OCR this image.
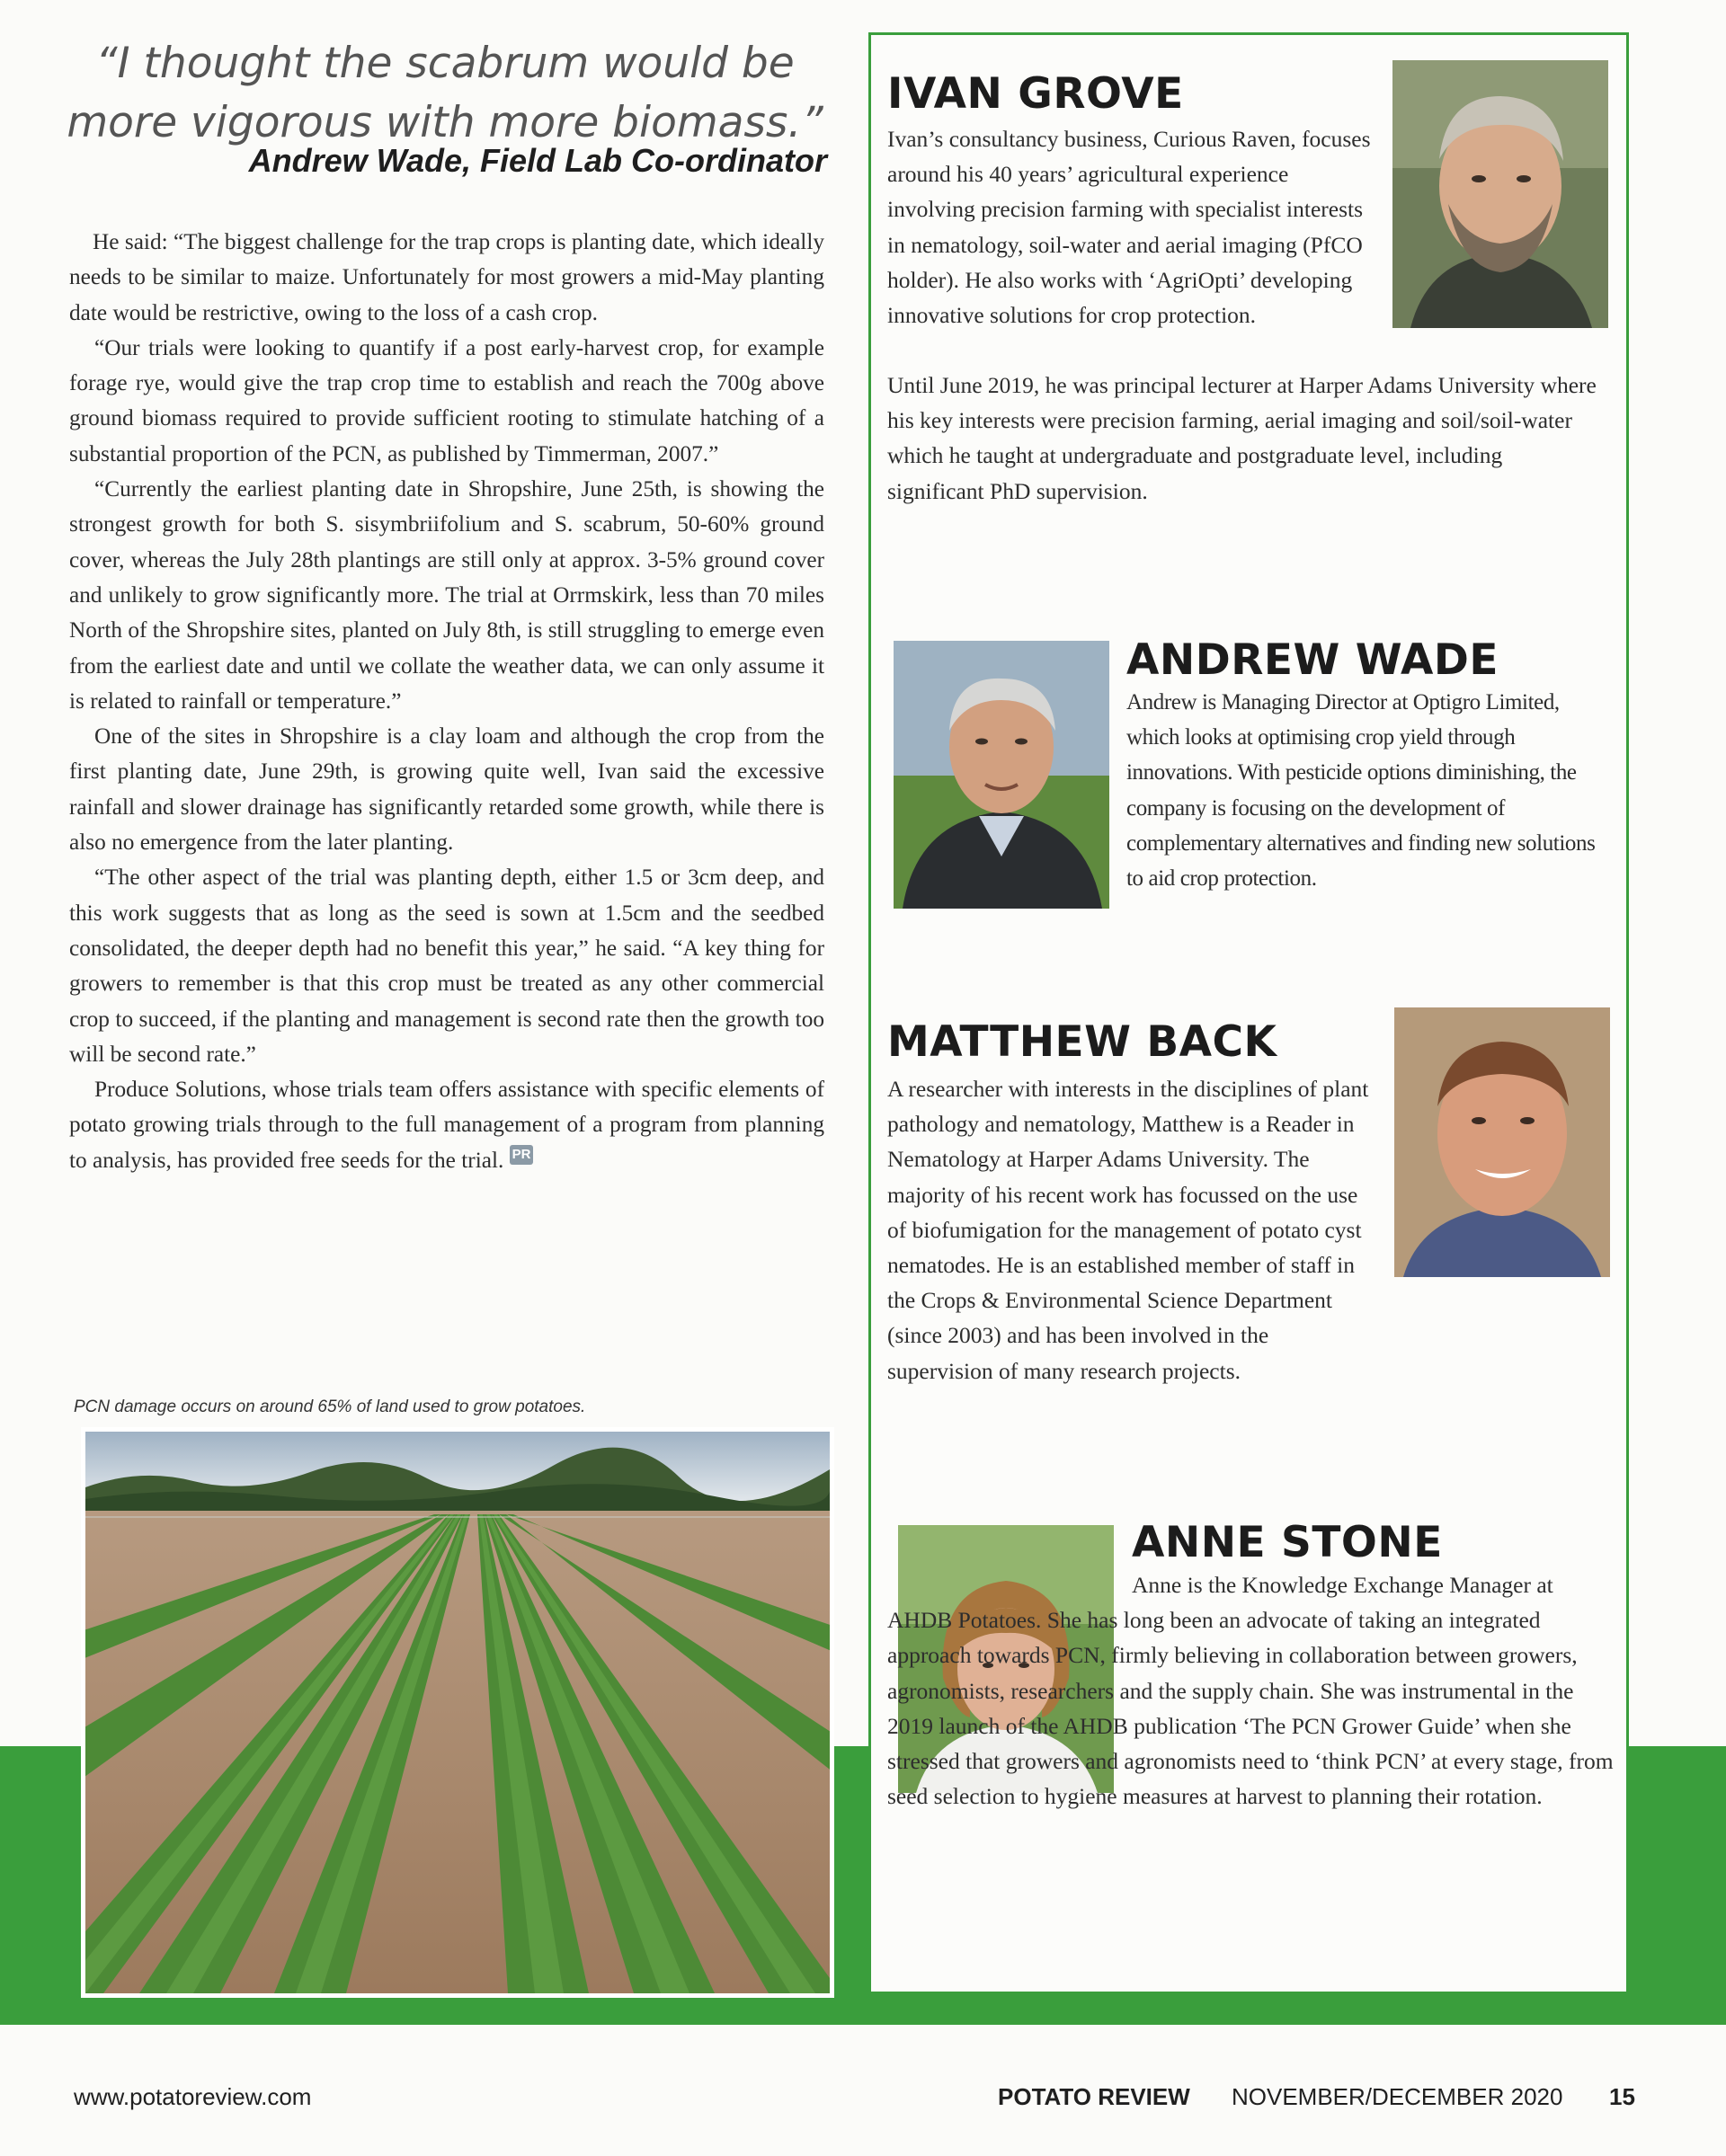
“I thought the scabrum would be more vigorous with more biomass.”
Andrew Wade, Field Lab Co-ordinator

He said: “The biggest challenge for the trap crops is planting date, which ideally needs to be similar to maize. Unfortunately for most growers a mid-May planting date would be restrictive, owing to the loss of a cash crop.

“Our trials were looking to quantify if a post early-harvest crop, for example forage rye, would give the trap crop time to establish and reach the 700g above ground biomass required to provide sufficient rooting to stimulate hatching of a substantial proportion of the PCN, as published by Timmerman, 2007.”

“Currently the earliest planting date in Shropshire, June 25th, is showing the strongest growth for both S. sisymbriifolium and S. scabrum, 50-60% ground cover, whereas the July 28th plantings are still only at approx. 3-5% ground cover and unlikely to grow significantly more. The trial at Orrmskirk, less than 70 miles North of the Shropshire sites, planted on July 8th, is still struggling to emerge even from the earliest date and until we collate the weather data, we can only assume it is related to rainfall or temperature.”

One of the sites in Shropshire is a clay loam and although the crop from the first planting date, June 29th, is growing quite well, Ivan said the excessive rainfall and slower drainage has significantly retarded some growth, while there is also no emergence from the later planting.

“The other aspect of the trial was planting depth, either 1.5 or 3cm deep, and this work suggests that as long as the seed is sown at 1.5cm and the seedbed consolidated, the deeper depth had no benefit this year,” he said. “A key thing for growers to remember is that this crop must be treated as any other commercial crop to succeed, if the planting and management is second rate then the growth too will be second rate.”

Produce Solutions, whose trials team offers assistance with specific elements of potato growing trials through to the full management of a program from planning to analysis, has provided free seeds for the trial. PR

PCN damage occurs on around 65% of land used to grow potatoes.
IVAN GROVE

Ivan’s consultancy business, Curious Raven, focuses around his 40 years’ agricultural experience involving precision farming with specialist interests in nematology, soil-water and aerial imaging (PfCO holder). He also works with ‘AgriOpti’ developing innovative solutions for crop protection.

Until June 2019, he was principal lecturer at Harper Adams University where his key interests were precision farming, aerial imaging and soil/soil-water which he taught at undergraduate and postgraduate level, including significant PhD supervision.

ANDREW WADE

Andrew is Managing Director at Optigro Limited, which looks at optimising crop yield through innovations. With pesticide options diminishing, the company is focusing on the development of complementary alternatives and finding new solutions to aid crop protection.

MATTHEW BACK

A researcher with interests in the disciplines of plant pathology and nematology, Matthew is a Reader in Nematology at Harper Adams University. The majority of his recent work has focussed on the use of biofumigation for the management of potato cyst nematodes. He is an established member of staff in the Crops & Environmental Science Department (since 2003) and has been involved in the supervision of many research projects.

ANNE STONE

Anne is the Knowledge Exchange Manager at AHDB Potatoes. She has long been an advocate of taking an integrated approach towards PCN, firmly believing in collaboration between growers, agronomists, researchers and the supply chain. She was instrumental in the 2019 launch of the AHDB publication ‘The PCN Grower Guide’ when she stressed that growers and agronomists need to ‘think PCN’ at every stage, from seed selection to hygiene measures at harvest to planning their rotation.

www.potatoreview.com	POTATO REVIEW NOVEMBER/DECEMBER 2020 15
